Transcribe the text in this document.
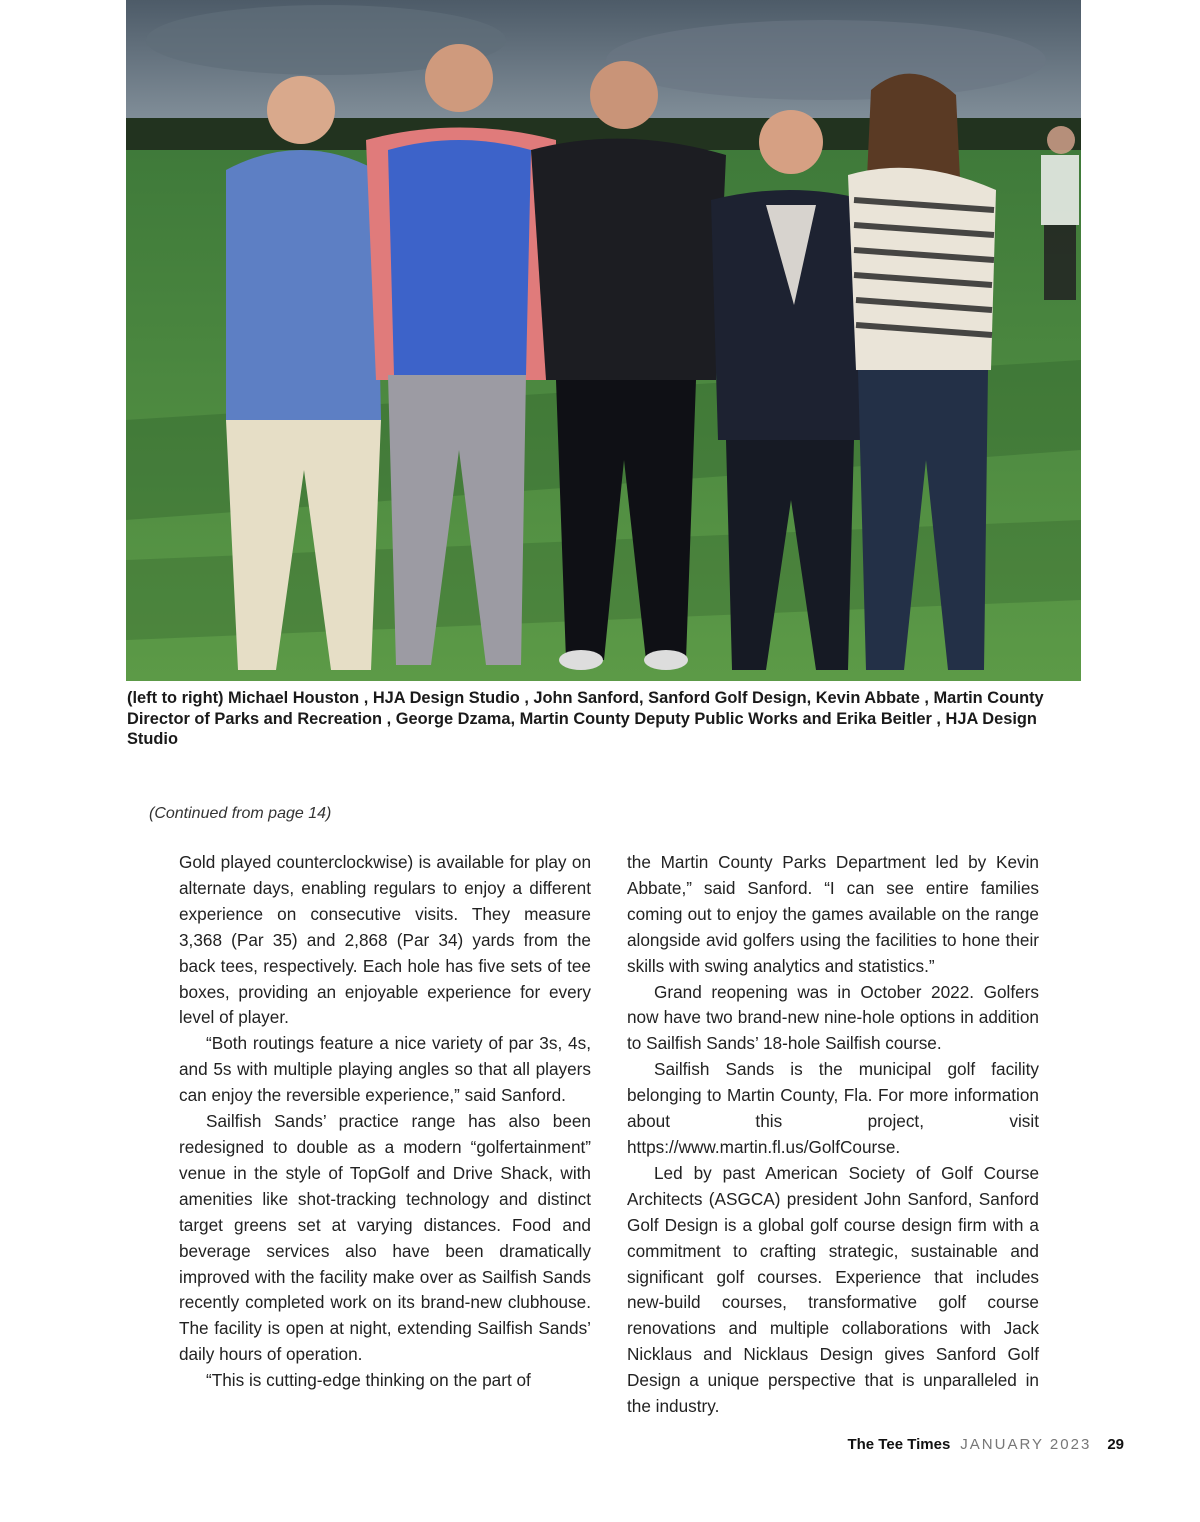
(left to right) Michael Houston , HJA Design Studio , John Sanford, Sanford Golf Design, Kevin Abbate , Martin County Director of Parks and Recreation , George Dzama, Martin County Deputy Public Works and Erika Beitler , HJA Design Studio
(Continued from page 14)

Gold played counterclockwise) is available for play on alternate days, enabling regulars to enjoy a different experience on consecutive visits. They measure 3,368 (Par 35) and 2,868 (Par 34) yards from the back tees, respectively. Each hole has five sets of tee boxes, providing an enjoyable experience for every level of player.

“Both routings feature a nice variety of par 3s, 4s, and 5s with multiple playing angles so that all players can enjoy the reversible experience,” said Sanford.

Sailfish Sands’ practice range has also been redesigned to double as a modern “golfertainment” venue in the style of TopGolf and Drive Shack, with amenities like shot-tracking technology and distinct target greens set at varying distances. Food and beverage services also have been dramatically improved with the facility make over as Sailfish Sands recently completed work on its brand-new clubhouse. The facility is open at night, extending Sailfish Sands’ daily hours of operation.

“This is cutting-edge thinking on the part of

the Martin County Parks Department led by Kevin Abbate,” said Sanford. “I can see entire families coming out to enjoy the games available on the range alongside avid golfers using the facilities to hone their skills with swing analytics and statistics.”

Grand reopening was in October 2022. Golfers now have two brand-new nine-hole options in addition to Sailfish Sands’ 18-hole Sailfish course.

Sailfish Sands is the municipal golf facility belonging to Martin County, Fla. For more information about this project, visit https://www.martin.fl.us/GolfCourse.

Led by past American Society of Golf Course Architects (ASGCA) president John Sanford, Sanford Golf Design is a global golf course design firm with a commitment to crafting strategic, sustainable and significant golf courses. Experience that includes new-build courses, transformative golf course renovations and multiple collaborations with Jack Nicklaus and Nicklaus Design gives Sanford Golf Design a unique perspective that is unparalleled in the industry.

The Tee Times JANUARY 2023 29
